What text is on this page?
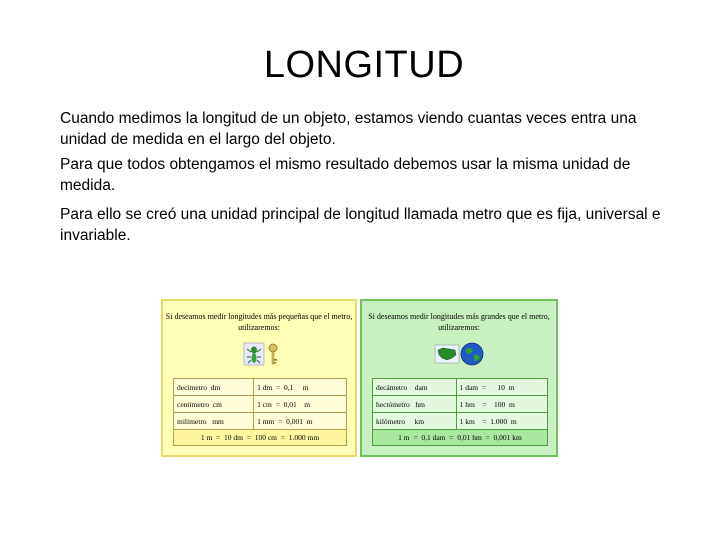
LONGITUD
Cuando medimos la longitud de un objeto, estamos viendo cuantas veces entra una unidad de medida en el largo del objeto.
Para que todos obtengamos el mismo resultado debemos usar la misma unidad de medida.
Para ello se creó una unidad principal de longitud llamada metro que es fija, universal e invariable.
Si deseamos medir longitudes más pequeñas que el metro, utilizaremos:
decímetro  dm	1 dm  =  0,1     m
centímetro  cm	1 cm  =  0,01    m
milímetro   mm	1 mm  =  0,001  m
1 m  =  10 dm  =  100 cm  =  1.000 mm	
Si deseamos medir longitudes más grandes que el metro, utilizaremos:
decámetro    dam	1 dam  =      10  m
hectómetro   hm	1 hm    =    100  m
kilómetro     km	1 km    =  1.000  m
1 m  =  0,1 dam  =  0,01 hm  =  0,001 km	
